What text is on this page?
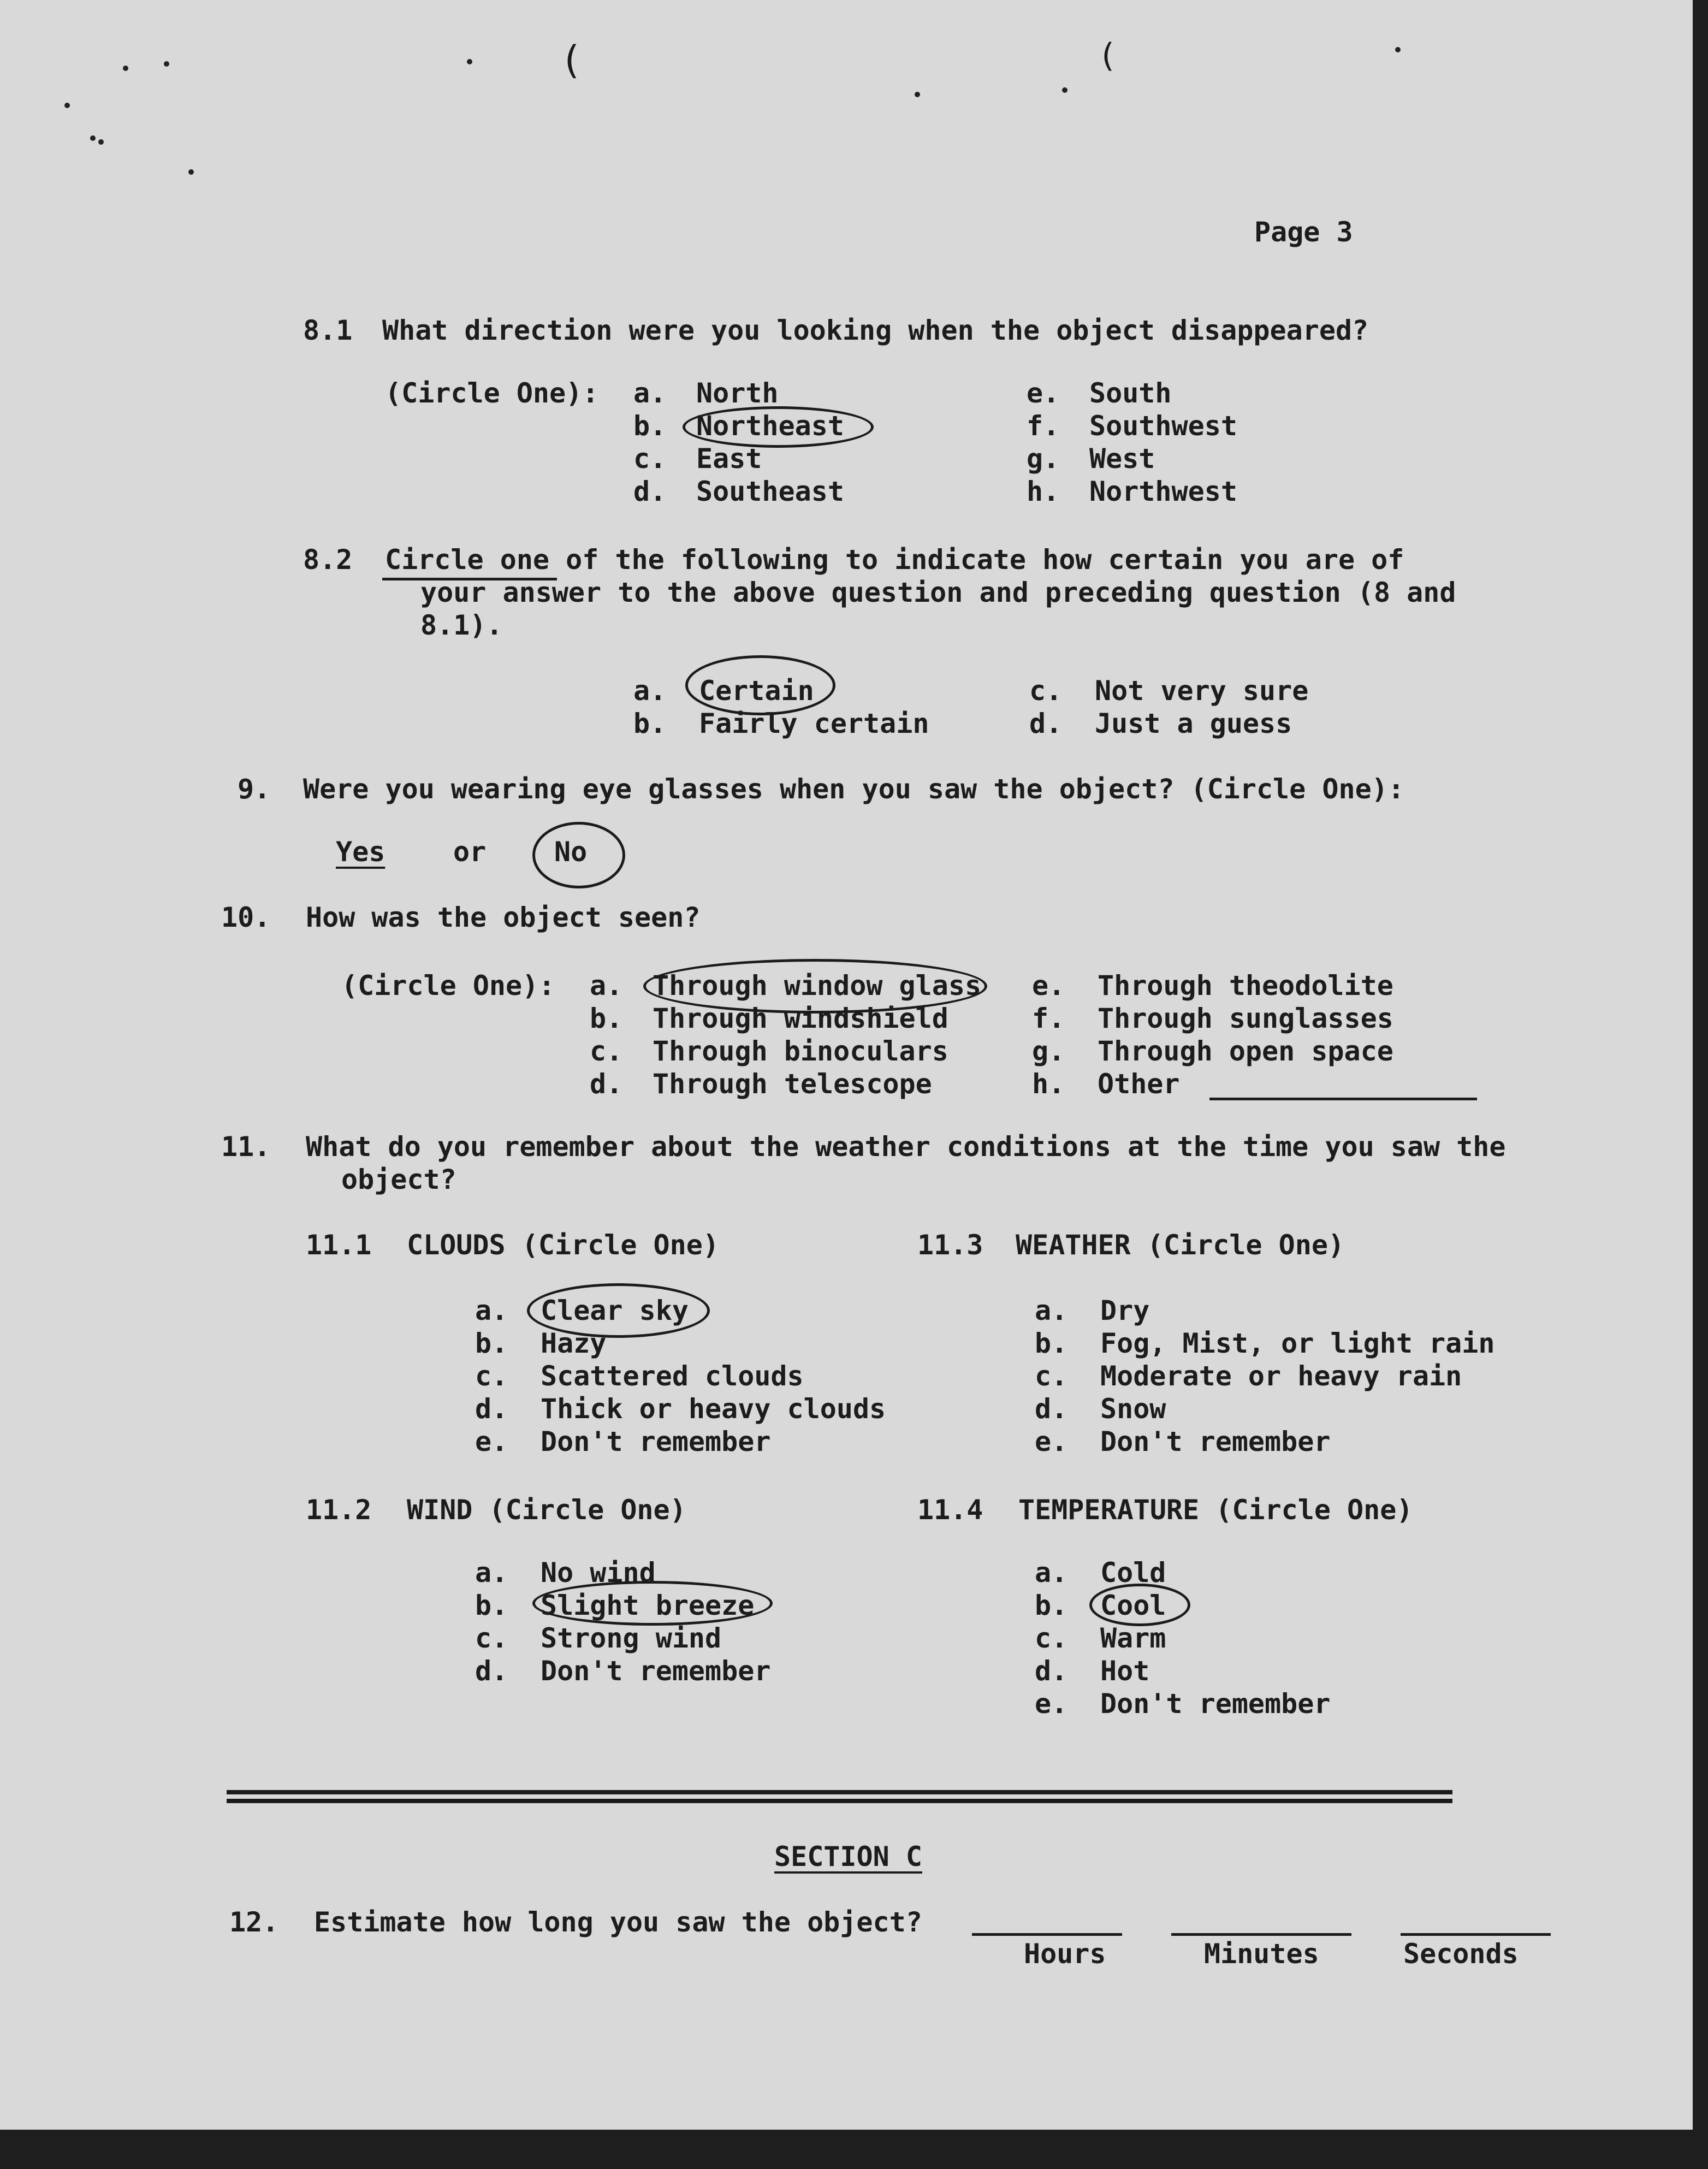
(	(
Page 3
8.1 What direction were you looking when the object disappeared?
(Circle One): a. North
b. Northeast
c. East
d. Southeast
e. South
f. Southwest
g. West
h. Northwest
8.2 Circle one of the following to indicate how certain you are of
your answer to the above question and preceding question (8 and
8.1).
a. Certain
b. Fairly certain
c. Not very sure
d. Just a guess
9. Were you wearing eye glasses when you saw the object? (Circle One):
Yes or No
10. How was the object seen?
(Circle One): a. Through window glass
b. Through windshield
c. Through binoculars
d. Through telescope
e. Through theodolite
f. Through sunglasses
g. Through open space
h. Other
11. What do you remember about the weather conditions at the time you saw the
object?
11.1 CLOUDS (Circle One)
a. Clear sky
b. Hazy
c. Scattered clouds
d. Thick or heavy clouds
e. Don't remember
11.3 WEATHER (Circle One)
a. Dry
b. Fog, Mist, or light rain
c. Moderate or heavy rain
d. Snow
e. Don't remember
11.2 WIND (Circle One)
a. No wind
b. Slight breeze
c. Strong wind
d. Don't remember
11.4 TEMPERATURE (Circle One)
a. Cold
b. Cool
c. Warm
d. Hot
e. Don't remember
SECTION C
12. Estimate how long you saw the object?
Hours	Minutes	Seconds
